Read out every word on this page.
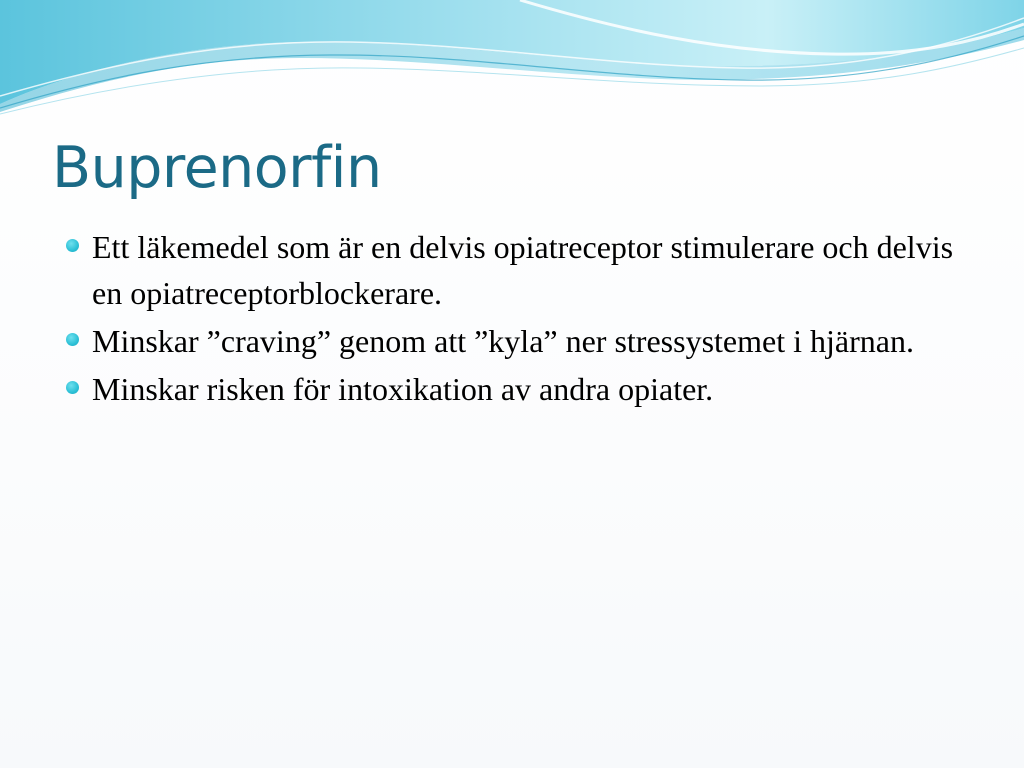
Buprenorfin
Ett läkemedel som är en delvis opiatreceptor stimulerare och delvis en opiatreceptorblockerare.
Minskar ”craving” genom att ”kyla” ner stressystemet i hjärnan.
Minskar risken för intoxikation av andra opiater.
